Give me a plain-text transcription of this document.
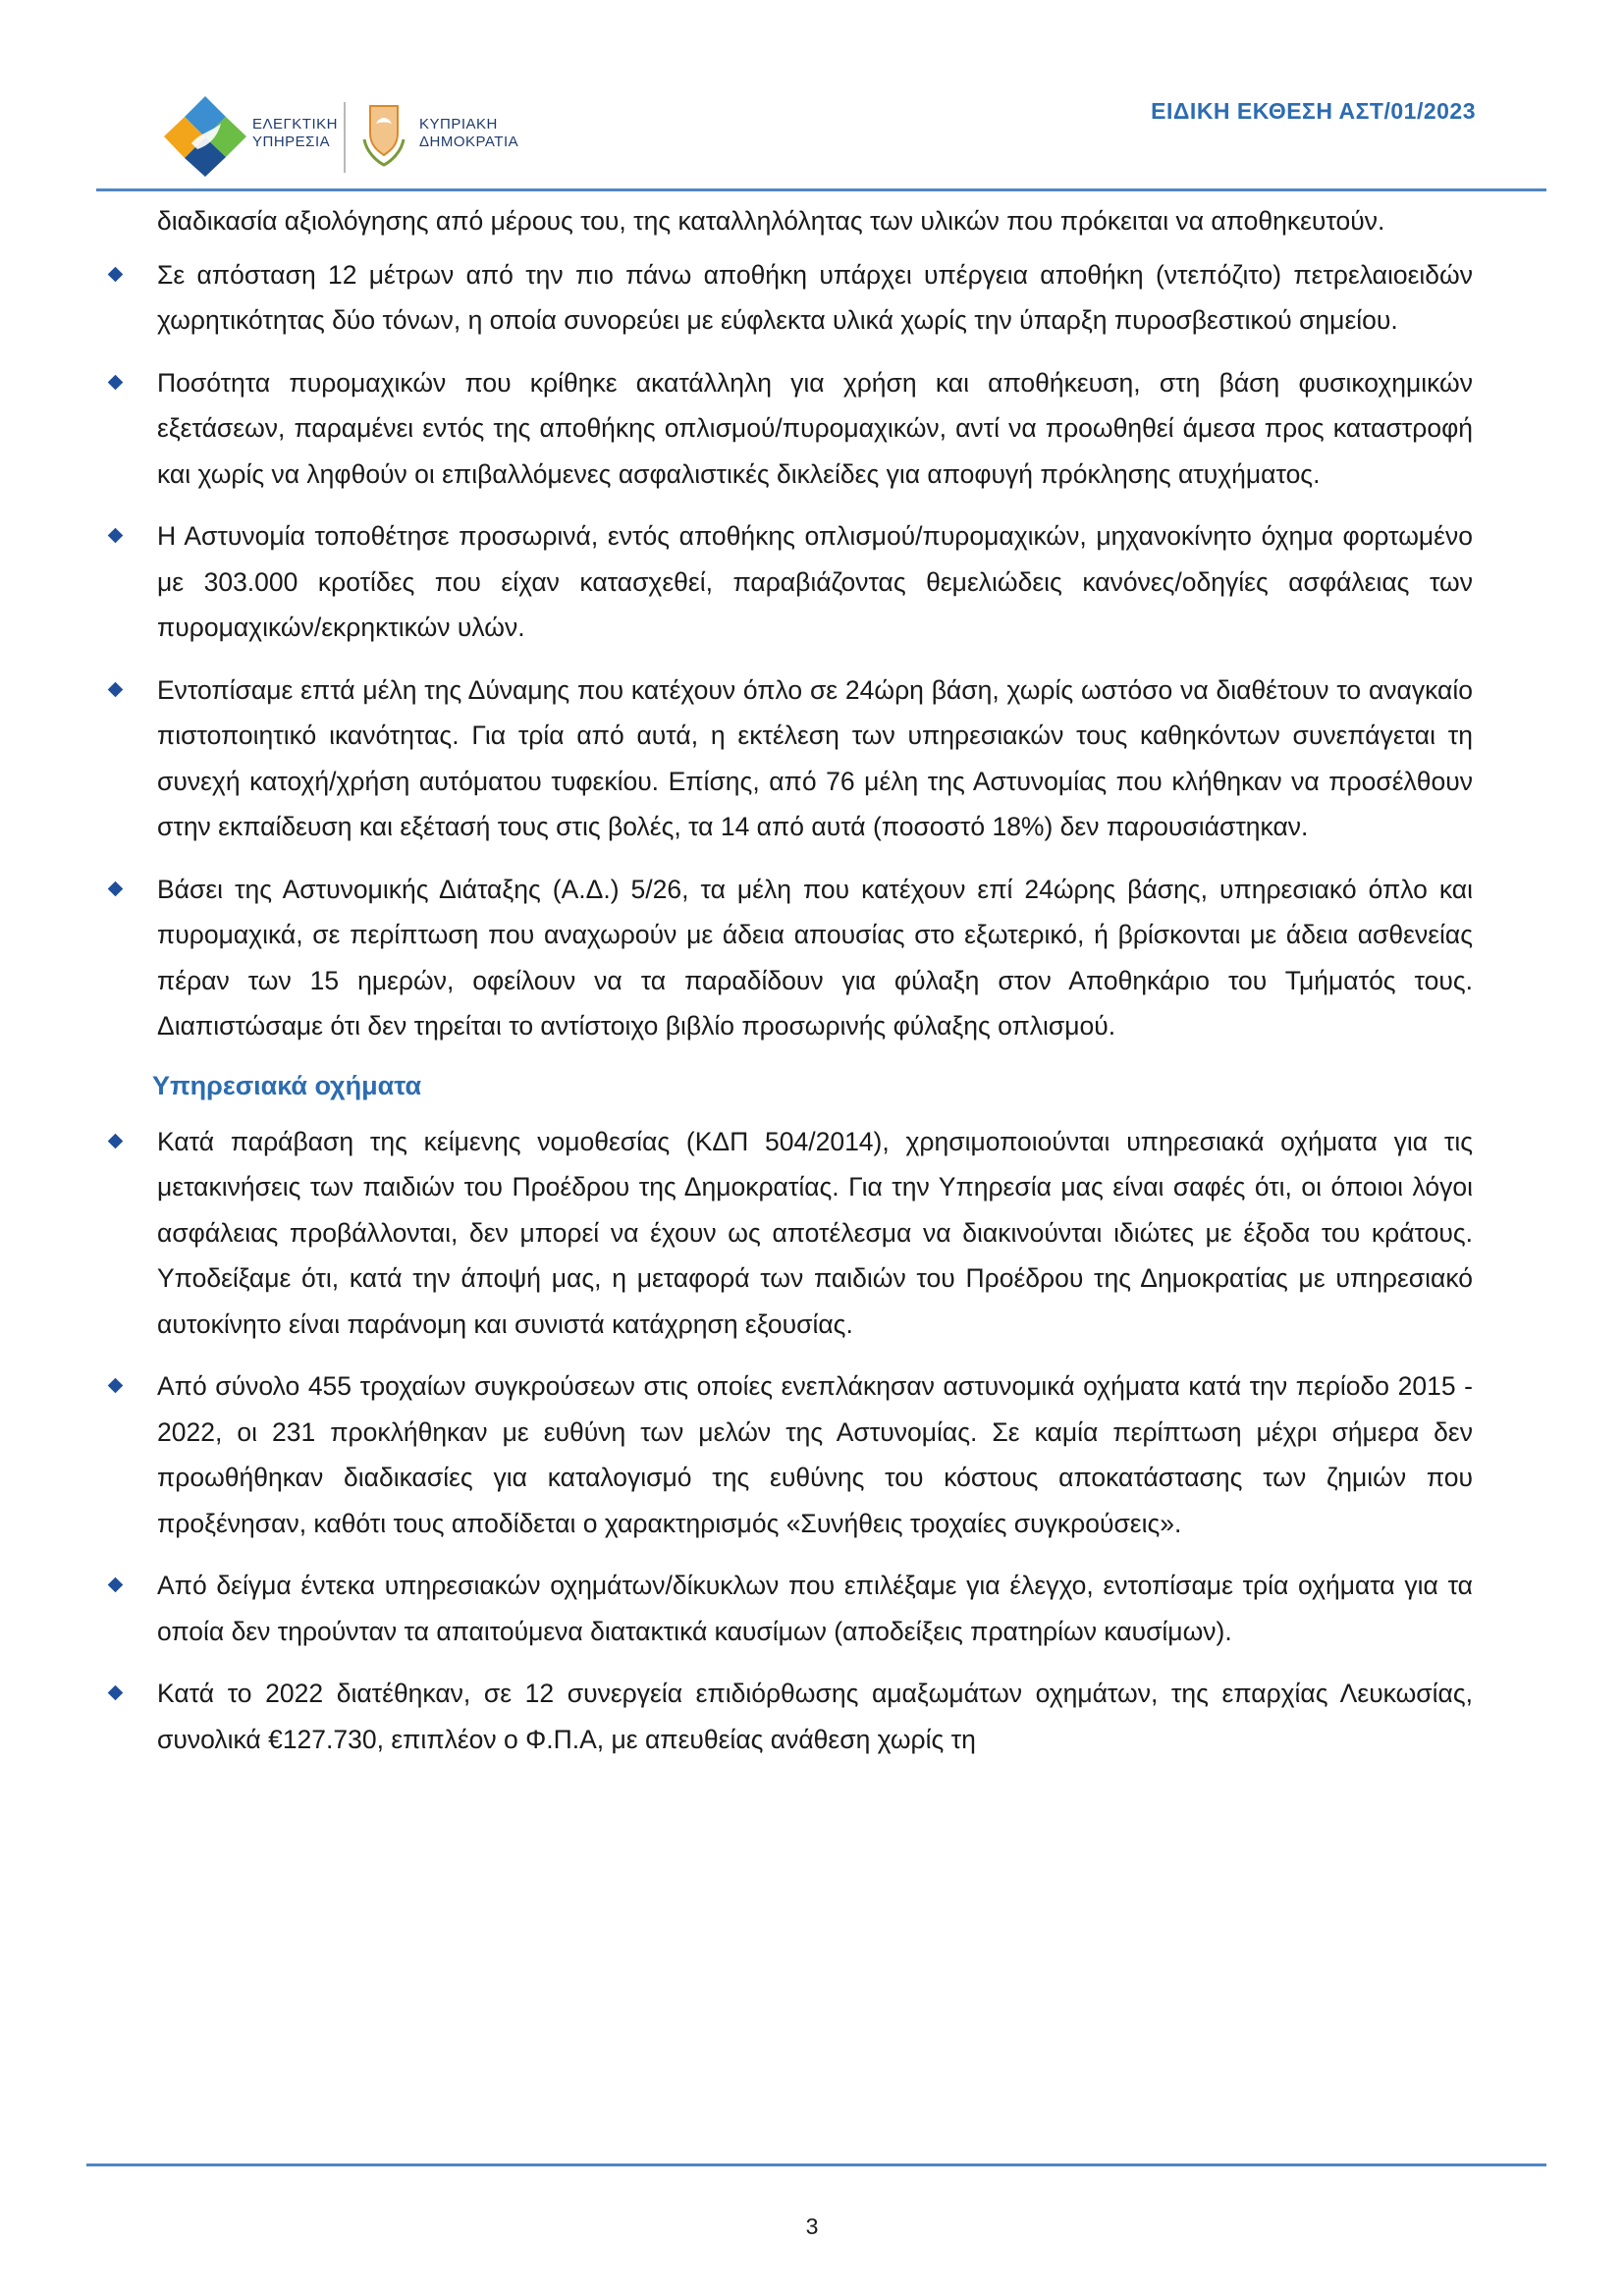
ΕΛΕΓΚΤΙΚΗ
ΥΠΗΡΕΣΙΑ
ΚΥΠΡΙΑΚΗ
ΔΗΜΟΚΡΑΤΙΑ
ΕΙΔΙΚΗ ΕΚΘΕΣΗ ΑΣΤ/01/2023

διαδικασία αξιολόγησης από μέρους του, της καταλληλόλητας των υλικών που πρόκειται να αποθηκευτούν.

Σε απόσταση 12 μέτρων από την πιο πάνω αποθήκη υπάρχει υπέργεια αποθήκη (ντεπόζιτο) πετρελαιοειδών χωρητικότητας δύο τόνων, η οποία συνορεύει με εύφλεκτα υλικά χωρίς την ύπαρξη πυροσβεστικού σημείου.

Ποσότητα πυρομαχικών που κρίθηκε ακατάλληλη για χρήση και αποθήκευση, στη βάση φυσικοχημικών εξετάσεων, παραμένει εντός της αποθήκης οπλισμού/πυρομαχικών, αντί να προωθηθεί άμεσα προς καταστροφή και χωρίς να ληφθούν οι επιβαλλόμενες ασφαλιστικές δικλείδες για αποφυγή πρόκλησης ατυχήματος.

Η Αστυνομία τοποθέτησε προσωρινά, εντός αποθήκης οπλισμού/πυρομαχικών, μηχανοκίνητο όχημα φορτωμένο με 303.000 κροτίδες που είχαν κατασχεθεί, παραβιάζοντας θεμελιώδεις κανόνες/οδηγίες ασφάλειας των πυρομαχικών/εκρηκτικών υλών.

Εντοπίσαμε επτά μέλη της Δύναμης που κατέχουν όπλο σε 24ώρη βάση, χωρίς ωστόσο να διαθέτουν το αναγκαίο πιστοποιητικό ικανότητας. Για τρία από αυτά, η εκτέλεση των υπηρεσιακών τους καθηκόντων συνεπάγεται τη συνεχή κατοχή/χρήση αυτόματου τυφεκίου. Επίσης, από 76 μέλη της Αστυνομίας που κλήθηκαν να προσέλθουν στην εκπαίδευση και εξέτασή τους στις βολές, τα 14 από αυτά (ποσοστό 18%) δεν παρουσιάστηκαν.

Βάσει της Αστυνομικής Διάταξης (Α.Δ.) 5/26, τα μέλη που κατέχουν επί 24ώρης βάσης, υπηρεσιακό όπλο και πυρομαχικά, σε περίπτωση που αναχωρούν με άδεια απουσίας στο εξωτερικό, ή βρίσκονται με άδεια ασθενείας πέραν των 15 ημερών, οφείλουν να τα παραδίδουν για φύλαξη στον Αποθηκάριο του Τμήματός τους. Διαπιστώσαμε ότι δεν τηρείται το αντίστοιχο βιβλίο προσωρινής φύλαξης οπλισμού.

Υπηρεσιακά οχήματα

Κατά παράβαση της κείμενης νομοθεσίας (ΚΔΠ 504/2014), χρησιμοποιούνται υπηρεσιακά οχήματα για τις μετακινήσεις των παιδιών του Προέδρου της Δημοκρατίας. Για την Υπηρεσία μας είναι σαφές ότι, οι όποιοι λόγοι ασφάλειας προβάλλονται, δεν μπορεί να έχουν ως αποτέλεσμα να διακινούνται ιδιώτες με έξοδα του κράτους. Υποδείξαμε ότι, κατά την άποψή μας, η μεταφορά των παιδιών του Προέδρου της Δημοκρατίας με υπηρεσιακό αυτοκίνητο είναι παράνομη και συνιστά κατάχρηση εξουσίας.

Από σύνολο 455 τροχαίων συγκρούσεων στις οποίες ενεπλάκησαν αστυνομικά οχήματα κατά την περίοδο 2015 - 2022, οι 231 προκλήθηκαν με ευθύνη των μελών της Αστυνομίας. Σε καμία περίπτωση μέχρι σήμερα δεν προωθήθηκαν διαδικασίες για καταλογισμό της ευθύνης του κόστους αποκατάστασης των ζημιών που προξένησαν, καθότι τους αποδίδεται ο χαρακτηρισμός «Συνήθεις τροχαίες συγκρούσεις».

Από δείγμα έντεκα υπηρεσιακών οχημάτων/δίκυκλων που επιλέξαμε για έλεγχο, εντοπίσαμε τρία οχήματα για τα οποία δεν τηρούνταν τα απαιτούμενα διατακτικά καυσίμων (αποδείξεις πρατηρίων καυσίμων).

Κατά το 2022 διατέθηκαν, σε 12 συνεργεία επιδιόρθωσης αμαξωμάτων οχημάτων, της επαρχίας Λευκωσίας, συνολικά €127.730, επιπλέον ο Φ.Π.Α, με απευθείας ανάθεση χωρίς τη

3
